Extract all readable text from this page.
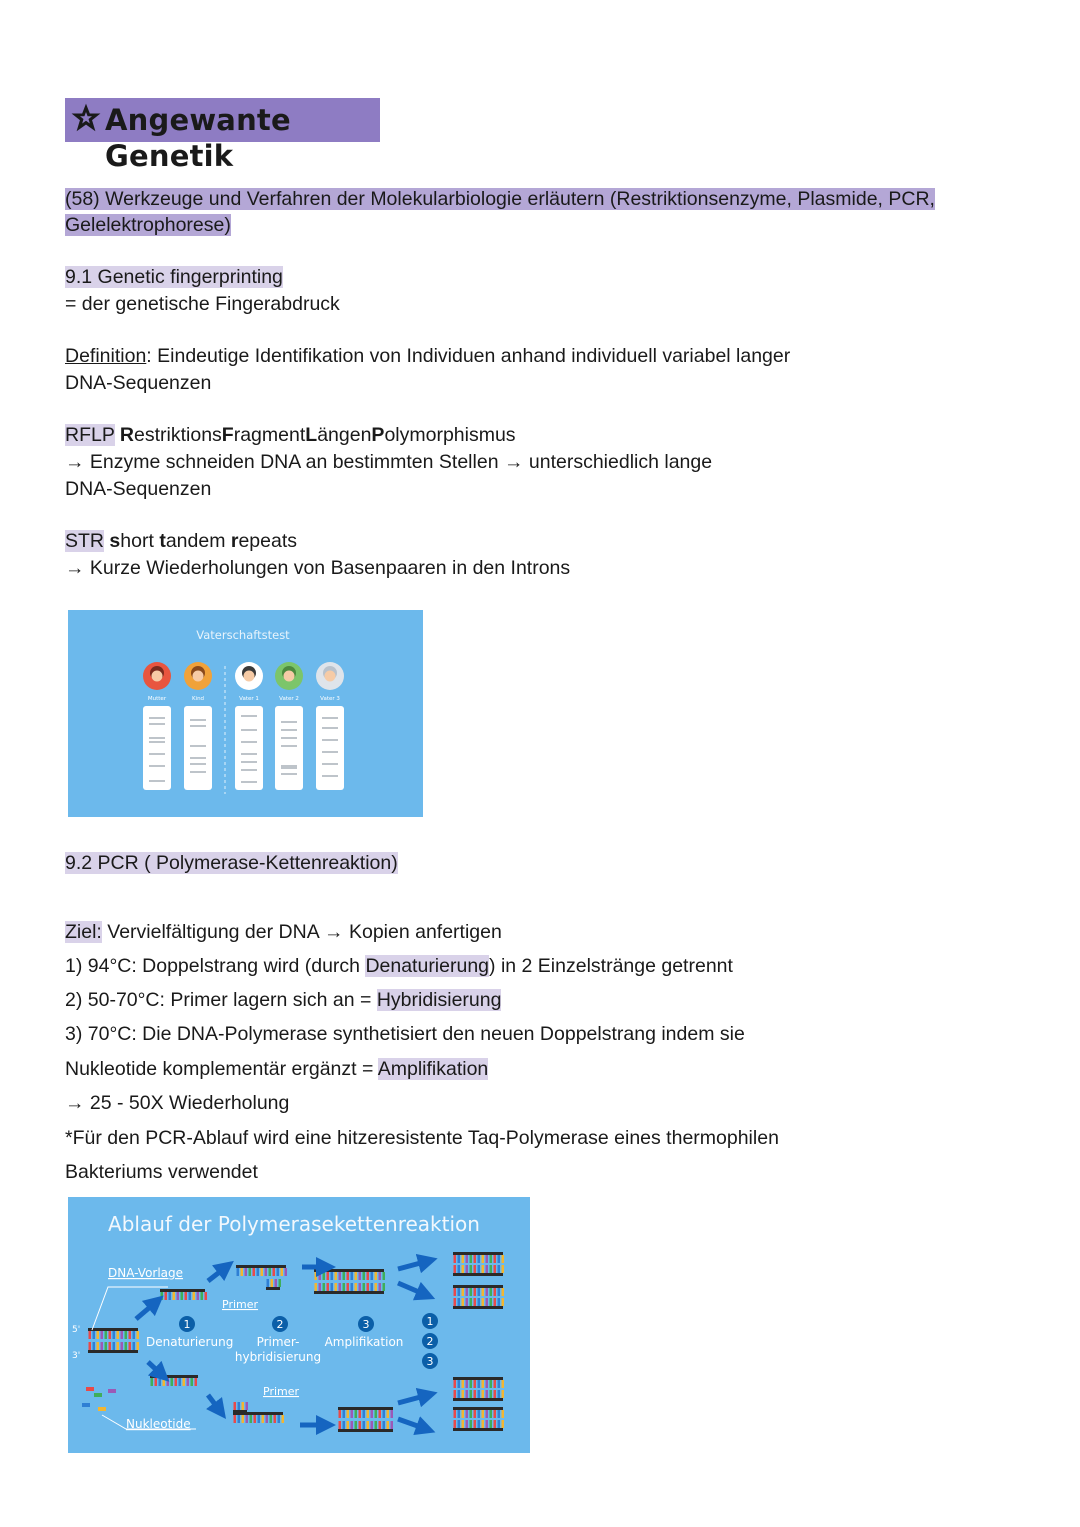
Angewante Genetik
(58) Werkzeuge und Verfahren der Molekularbiologie erläutern (Restriktionsenzyme, Plasmide, PCR,
Gelelektrophorese)
9.1 Genetic fingerprinting
= der genetische Fingerabdruck
Definition: Eindeutige Identifikation von Individuen anhand individuell variabel langer
DNA-Sequenzen
RFLP RestriktionsFragmentLängenPolymorphismus
→ Enzyme schneiden DNA an bestimmten Stellen → unterschiedlich lange
DNA-Sequenzen
STR short tandem repeats
→ Kurze Wiederholungen von Basenpaaren in den Introns
Vaterschaftstest
Mutter	Kind	Vater 1	Vater 2	Vater 3
9.2 PCR ( Polymerase-Kettenreaktion)
Ziel: Vervielfältigung der DNA → Kopien anfertigen
1) 94°C: Doppelstrang wird (durch Denaturierung) in 2 Einzelstränge getrennt
2) 50-70°C: Primer lagern sich an = Hybridisierung
3) 70°C: Die DNA-Polymerase synthetisiert den neuen Doppelstrang indem sie
Nukleotide komplementär ergänzt = Amplifikation
→ 25 - 50X Wiederholung
*Für den PCR-Ablauf wird eine hitzeresistente Taq-Polymerase eines thermophilen
Bakteriums verwendet
Ablauf der Polymerasekettenreaktion
DNA-Vorlage
Primer
Denaturierung Primer-
hybridisierung
Amplifikation
Primer
Nukleotide
1	2	3	1
2
3
5'
3'
